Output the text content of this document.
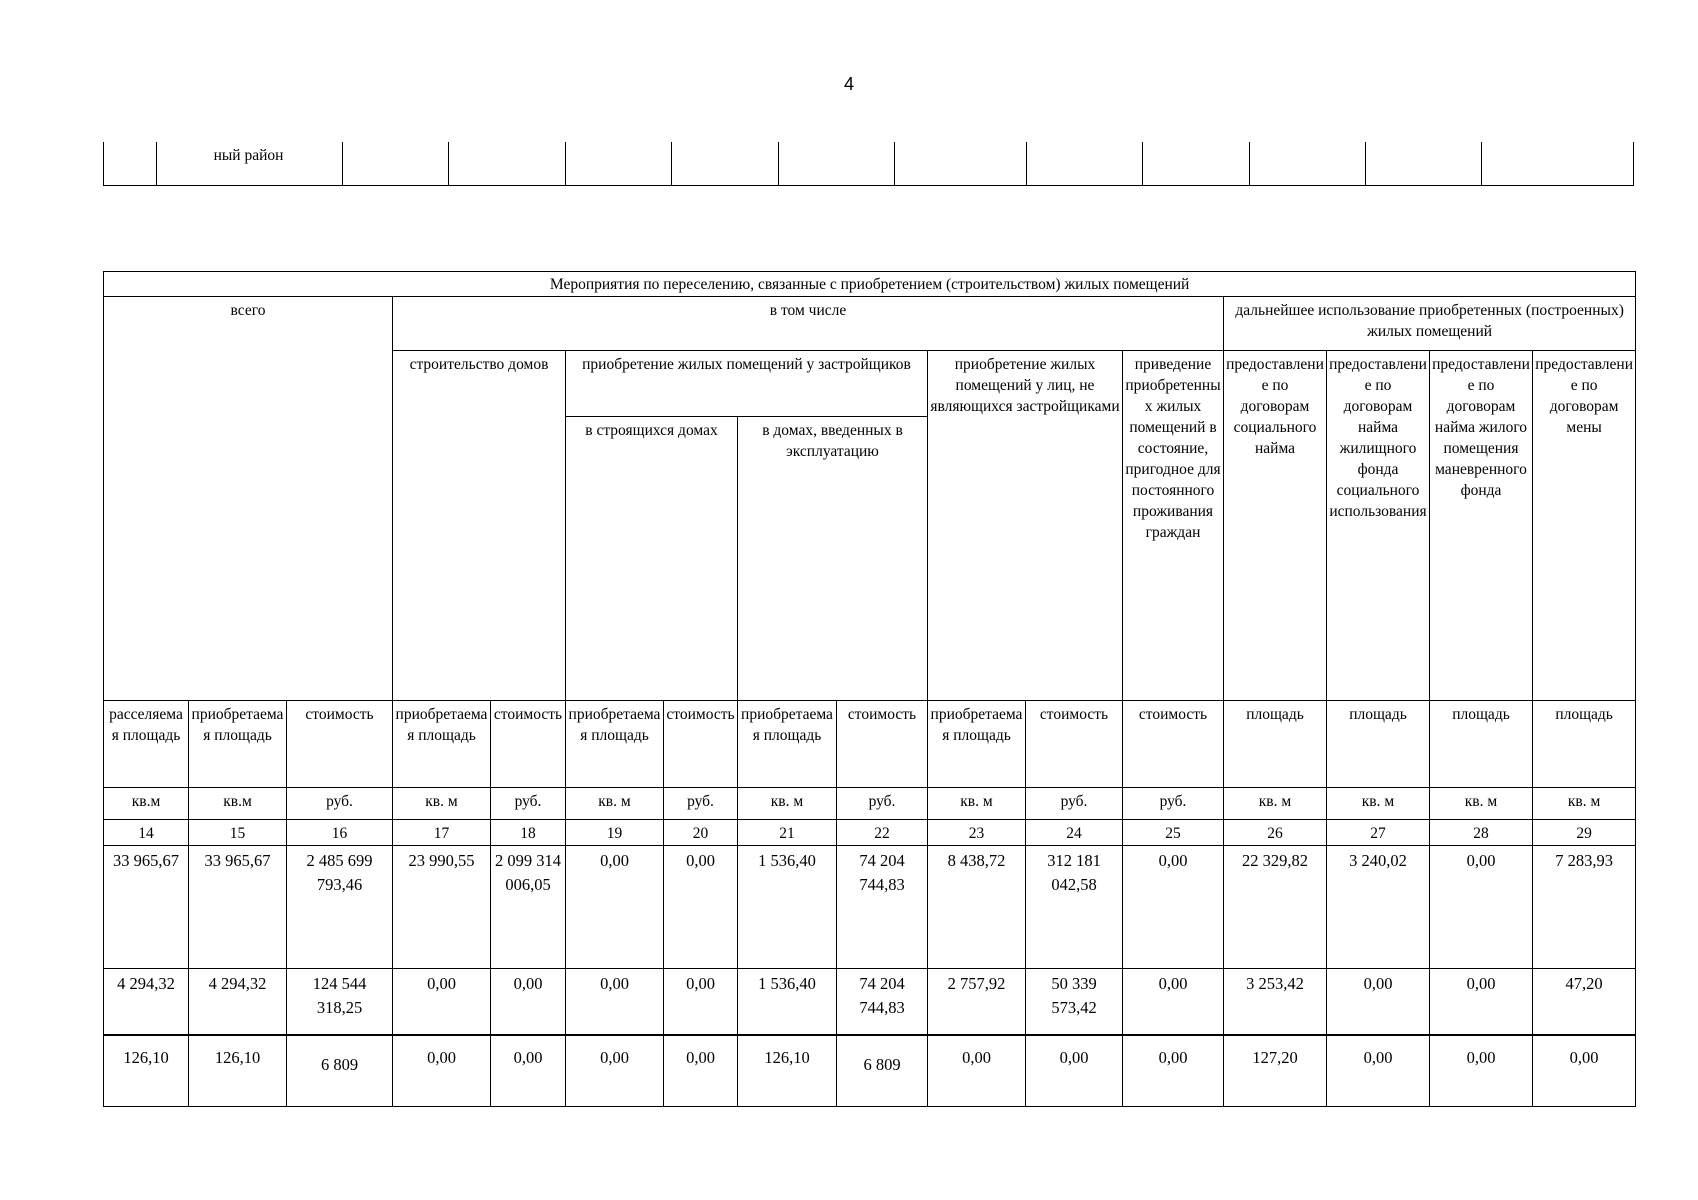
4
	ный район											
Мероприятия по переселению, связанные с приобретением (строительством) жилых помещений															
всего			в том числе									дальнейшее использование приобретенных (построенных) жилых помещений			
			строительство домов		приобретение жилых помещений у застройщиков				приобретение жилых помещений у лиц, не являющихся застройщиками		приведение приобретенных жилых помещений в состояние, пригодное для постоянного проживания граждан	предоставление по договорам социального найма	предоставление по договорам найма жилищного фонда социального использования	предоставление по договорам найма жилого помещения маневренного фонда	предоставление по договорам мены
					в строящихся домах		в домах, введенных в эксплуатацию								

расселяемая площадь	приобретаемая площадь	стоимость	приобретаемая площадь	стоимость	приобретаемая площадь	стоимость	приобретаемая площадь	стоимость	приобретаемая площадь	стоимость	стоимость	площадь	площадь	площадь	площадь
кв.м	кв.м	руб.	кв. м	руб.	кв. м	руб.	кв. м	руб.	кв. м	руб.	руб.	кв. м	кв. м	кв. м	кв. м
14	15	16	17	18	19	20	21	22	23	24	25	26	27	28	29
33 965,67	33 965,67	2 485 699 793,46	23 990,55	2 099 314 006,05	0,00	0,00	1 536,40	74 204 744,83	8 438,72	312 181 042,58	0,00	22 329,82	3 240,02	0,00	7 283,93
4 294,32	4 294,32	124 544 318,25	0,00	0,00	0,00	0,00	1 536,40	74 204 744,83	2 757,92	50 339 573,42	0,00	3 253,42	0,00	0,00	47,20
126,10	126,10	6 809	0,00	0,00	0,00	0,00	126,10	6 809	0,00	0,00	0,00	127,20	0,00	0,00	0,00
